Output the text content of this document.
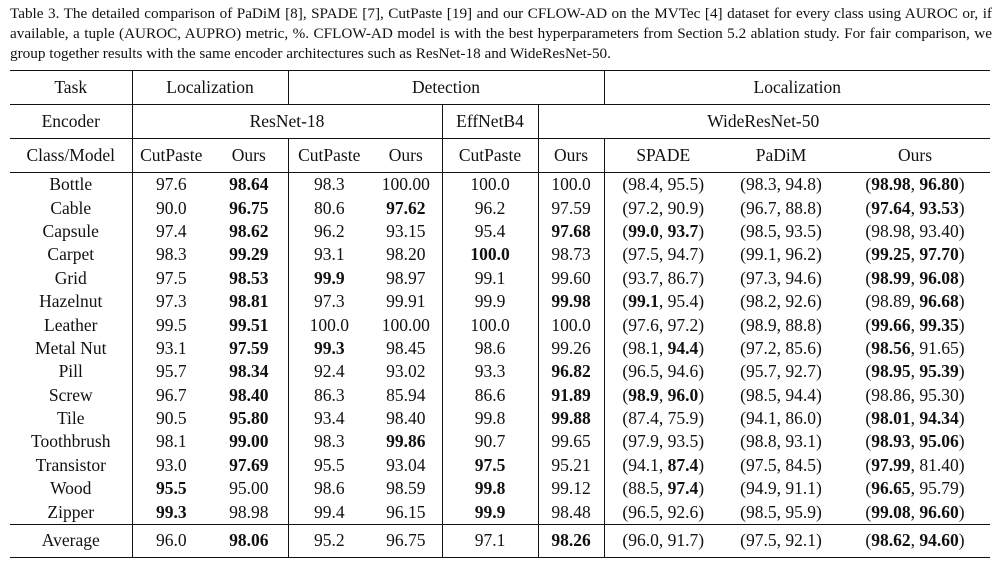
Table 3. The detailed comparison of PaDiM [8], SPADE [7], CutPaste [19] and our CFLOW-AD on the MVTec [4] dataset for every class using AUROC or, if available, a tuple (AUROC, AUPRO) metric, %. CFLOW-AD model is with the best hyperparameters from Section 5.2 ablation study. For fair comparison, we group together results with the same encoder architectures such as ResNet-18 and WideResNet-50.
Task	Localization		Detection				Localization		
Encoder	ResNet-18				EffNetB4	WideResNet-50			
Class/Model	CutPaste	Ours	CutPaste	Ours	CutPaste	Ours	SPADE	PaDiM	Ours
Bottle	97.6	98.64	98.3	100.00	100.0	100.0	(98.4, 95.5)	(98.3, 94.8)	(98.98, 96.80)
Cable	90.0	96.75	80.6	97.62	96.2	97.59	(97.2, 90.9)	(96.7, 88.8)	(97.64, 93.53)
Capsule	97.4	98.62	96.2	93.15	95.4	97.68	(99.0, 93.7)	(98.5, 93.5)	(98.98, 93.40)
Carpet	98.3	99.29	93.1	98.20	100.0	98.73	(97.5, 94.7)	(99.1, 96.2)	(99.25, 97.70)
Grid	97.5	98.53	99.9	98.97	99.1	99.60	(93.7, 86.7)	(97.3, 94.6)	(98.99, 96.08)
Hazelnut	97.3	98.81	97.3	99.91	99.9	99.98	(99.1, 95.4)	(98.2, 92.6)	(98.89, 96.68)
Leather	99.5	99.51	100.0	100.00	100.0	100.0	(97.6, 97.2)	(98.9, 88.8)	(99.66, 99.35)
Metal Nut	93.1	97.59	99.3	98.45	98.6	99.26	(98.1, 94.4)	(97.2, 85.6)	(98.56, 91.65)
Pill	95.7	98.34	92.4	93.02	93.3	96.82	(96.5, 94.6)	(95.7, 92.7)	(98.95, 95.39)
Screw	96.7	98.40	86.3	85.94	86.6	91.89	(98.9, 96.0)	(98.5, 94.4)	(98.86, 95.30)
Tile	90.5	95.80	93.4	98.40	99.8	99.88	(87.4, 75.9)	(94.1, 86.0)	(98.01, 94.34)
Toothbrush	98.1	99.00	98.3	99.86	90.7	99.65	(97.9, 93.5)	(98.8, 93.1)	(98.93, 95.06)
Transistor	93.0	97.69	95.5	93.04	97.5	95.21	(94.1, 87.4)	(97.5, 84.5)	(97.99, 81.40)
Wood	95.5	95.00	98.6	98.59	99.8	99.12	(88.5, 97.4)	(94.9, 91.1)	(96.65, 95.79)
Zipper	99.3	98.98	99.4	96.15	99.9	98.48	(96.5, 92.6)	(98.5, 95.9)	(99.08, 96.60)
Average	96.0	98.06	95.2	96.75	97.1	98.26	(96.0, 91.7)	(97.5, 92.1)	(98.62, 94.60)
